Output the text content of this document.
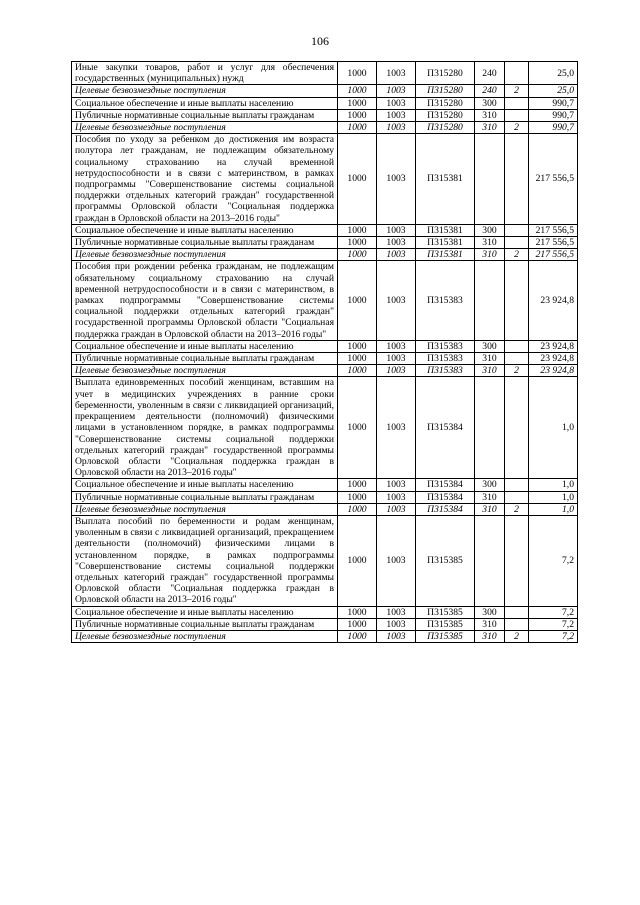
106
Иные закупки товаров, работ и услуг для обеспечения государственных (муниципальных) нужд	1000	1003	П315280	240		25,0
Целевые безвозмездные поступления	1000	1003	П315280	240	2	25,0
Социальное обеспечение и иные выплаты населению	1000	1003	П315280	300		990,7
Публичные нормативные социальные выплаты гражданам	1000	1003	П315280	310		990,7
Целевые безвозмездные поступления	1000	1003	П315280	310	2	990,7
Пособия по уходу за ребенком до достижения им возраста полутора лет гражданам, не подлежащим обязательному социальному страхованию на случай временной нетрудоспособности и в связи с материнством, в рамках подпрограммы "Совершенствование системы социальной поддержки отдельных категорий граждан" государственной программы Орловской области "Социальная поддержка граждан в Орловской области на 2013–2016 годы"	1000	1003	П315381			217 556,5
Социальное обеспечение и иные выплаты населению	1000	1003	П315381	300		217 556,5
Публичные нормативные социальные выплаты гражданам	1000	1003	П315381	310		217 556,5
Целевые безвозмездные поступления	1000	1003	П315381	310	2	217 556,5
Пособия при рождении ребенка гражданам, не подлежащим обязательному социальному страхованию на случай временной нетрудоспособности и в связи с материнством, в рамках подпрограммы "Совершенствование системы социальной поддержки отдельных категорий граждан" государственной программы Орловской области "Социальная поддержка граждан в Орловской области на 2013–2016 годы"	1000	1003	П315383			23 924,8
Социальное обеспечение и иные выплаты населению	1000	1003	П315383	300		23 924,8
Публичные нормативные социальные выплаты гражданам	1000	1003	П315383	310		23 924,8
Целевые безвозмездные поступления	1000	1003	П315383	310	2	23 924,8
Выплата единовременных пособий женщинам, вставшим на учет в медицинских учреждениях в ранние сроки беременности, уволенным в связи с ликвидацией организаций, прекращением деятельности (полномочий) физическими лицами в установленном порядке, в рамках подпрограммы "Совершенствование системы социальной поддержки отдельных категорий граждан" государственной программы Орловской области "Социальная поддержка граждан в Орловской области на 2013–2016 годы"	1000	1003	П315384			1,0
Социальное обеспечение и иные выплаты населению	1000	1003	П315384	300		1,0
Публичные нормативные социальные выплаты гражданам	1000	1003	П315384	310		1,0
Целевые безвозмездные поступления	1000	1003	П315384	310	2	1,0
Выплата пособий по беременности и родам женщинам, уволенным в связи с ликвидацией организаций, прекращением деятельности (полномочий) физическими лицами в установленном порядке, в рамках подпрограммы "Совершенствование системы социальной поддержки отдельных категорий граждан" государственной программы Орловской области "Социальная поддержка граждан в Орловской области на 2013–2016 годы"	1000	1003	П315385			7,2
Социальное обеспечение и иные выплаты населению	1000	1003	П315385	300		7,2
Публичные нормативные социальные выплаты гражданам	1000	1003	П315385	310		7,2
Целевые безвозмездные поступления	1000	1003	П315385	310	2	7,2
